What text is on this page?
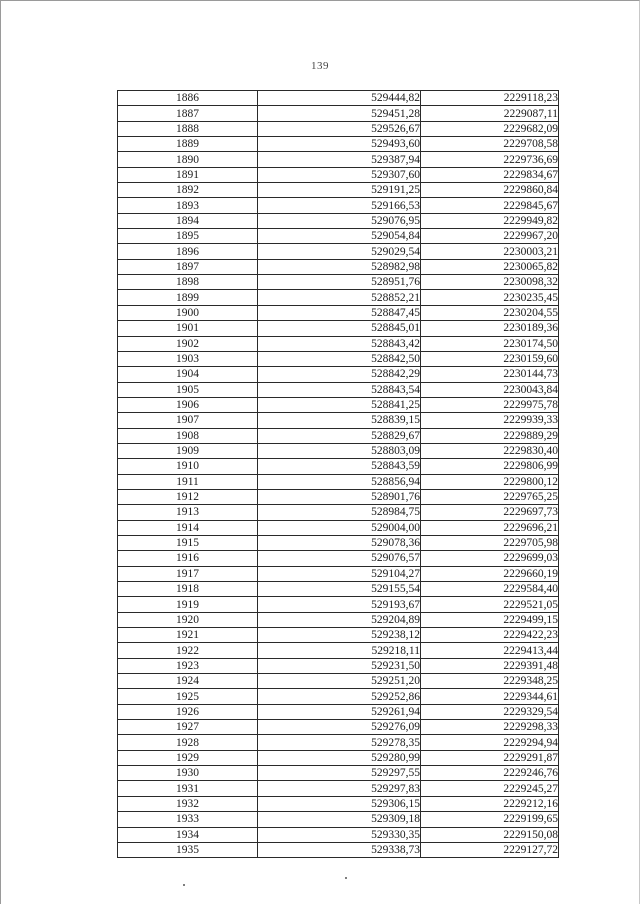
139
1886	529444,82	2229118,23
1887	529451,28	2229087,11
1888	529526,67	2229682,09
1889	529493,60	2229708,58
1890	529387,94	2229736,69
1891	529307,60	2229834,67
1892	529191,25	2229860,84
1893	529166,53	2229845,67
1894	529076,95	2229949,82
1895	529054,84	2229967,20
1896	529029,54	2230003,21
1897	528982,98	2230065,82
1898	528951,76	2230098,32
1899	528852,21	2230235,45
1900	528847,45	2230204,55
1901	528845,01	2230189,36
1902	528843,42	2230174,50
1903	528842,50	2230159,60
1904	528842,29	2230144,73
1905	528843,54	2230043,84
1906	528841,25	2229975,78
1907	528839,15	2229939,33
1908	528829,67	2229889,29
1909	528803,09	2229830,40
1910	528843,59	2229806,99
1911	528856,94	2229800,12
1912	528901,76	2229765,25
1913	528984,75	2229697,73
1914	529004,00	2229696,21
1915	529078,36	2229705,98
1916	529076,57	2229699,03
1917	529104,27	2229660,19
1918	529155,54	2229584,40
1919	529193,67	2229521,05
1920	529204,89	2229499,15
1921	529238,12	2229422,23
1922	529218,11	2229413,44
1923	529231,50	2229391,48
1924	529251,20	2229348,25
1925	529252,86	2229344,61
1926	529261,94	2229329,54
1927	529276,09	2229298,33
1928	529278,35	2229294,94
1929	529280,99	2229291,87
1930	529297,55	2229246,76
1931	529297,83	2229245,27
1932	529306,15	2229212,16
1933	529309,18	2229199,65
1934	529330,35	2229150,08
1935	529338,73	2229127,72
